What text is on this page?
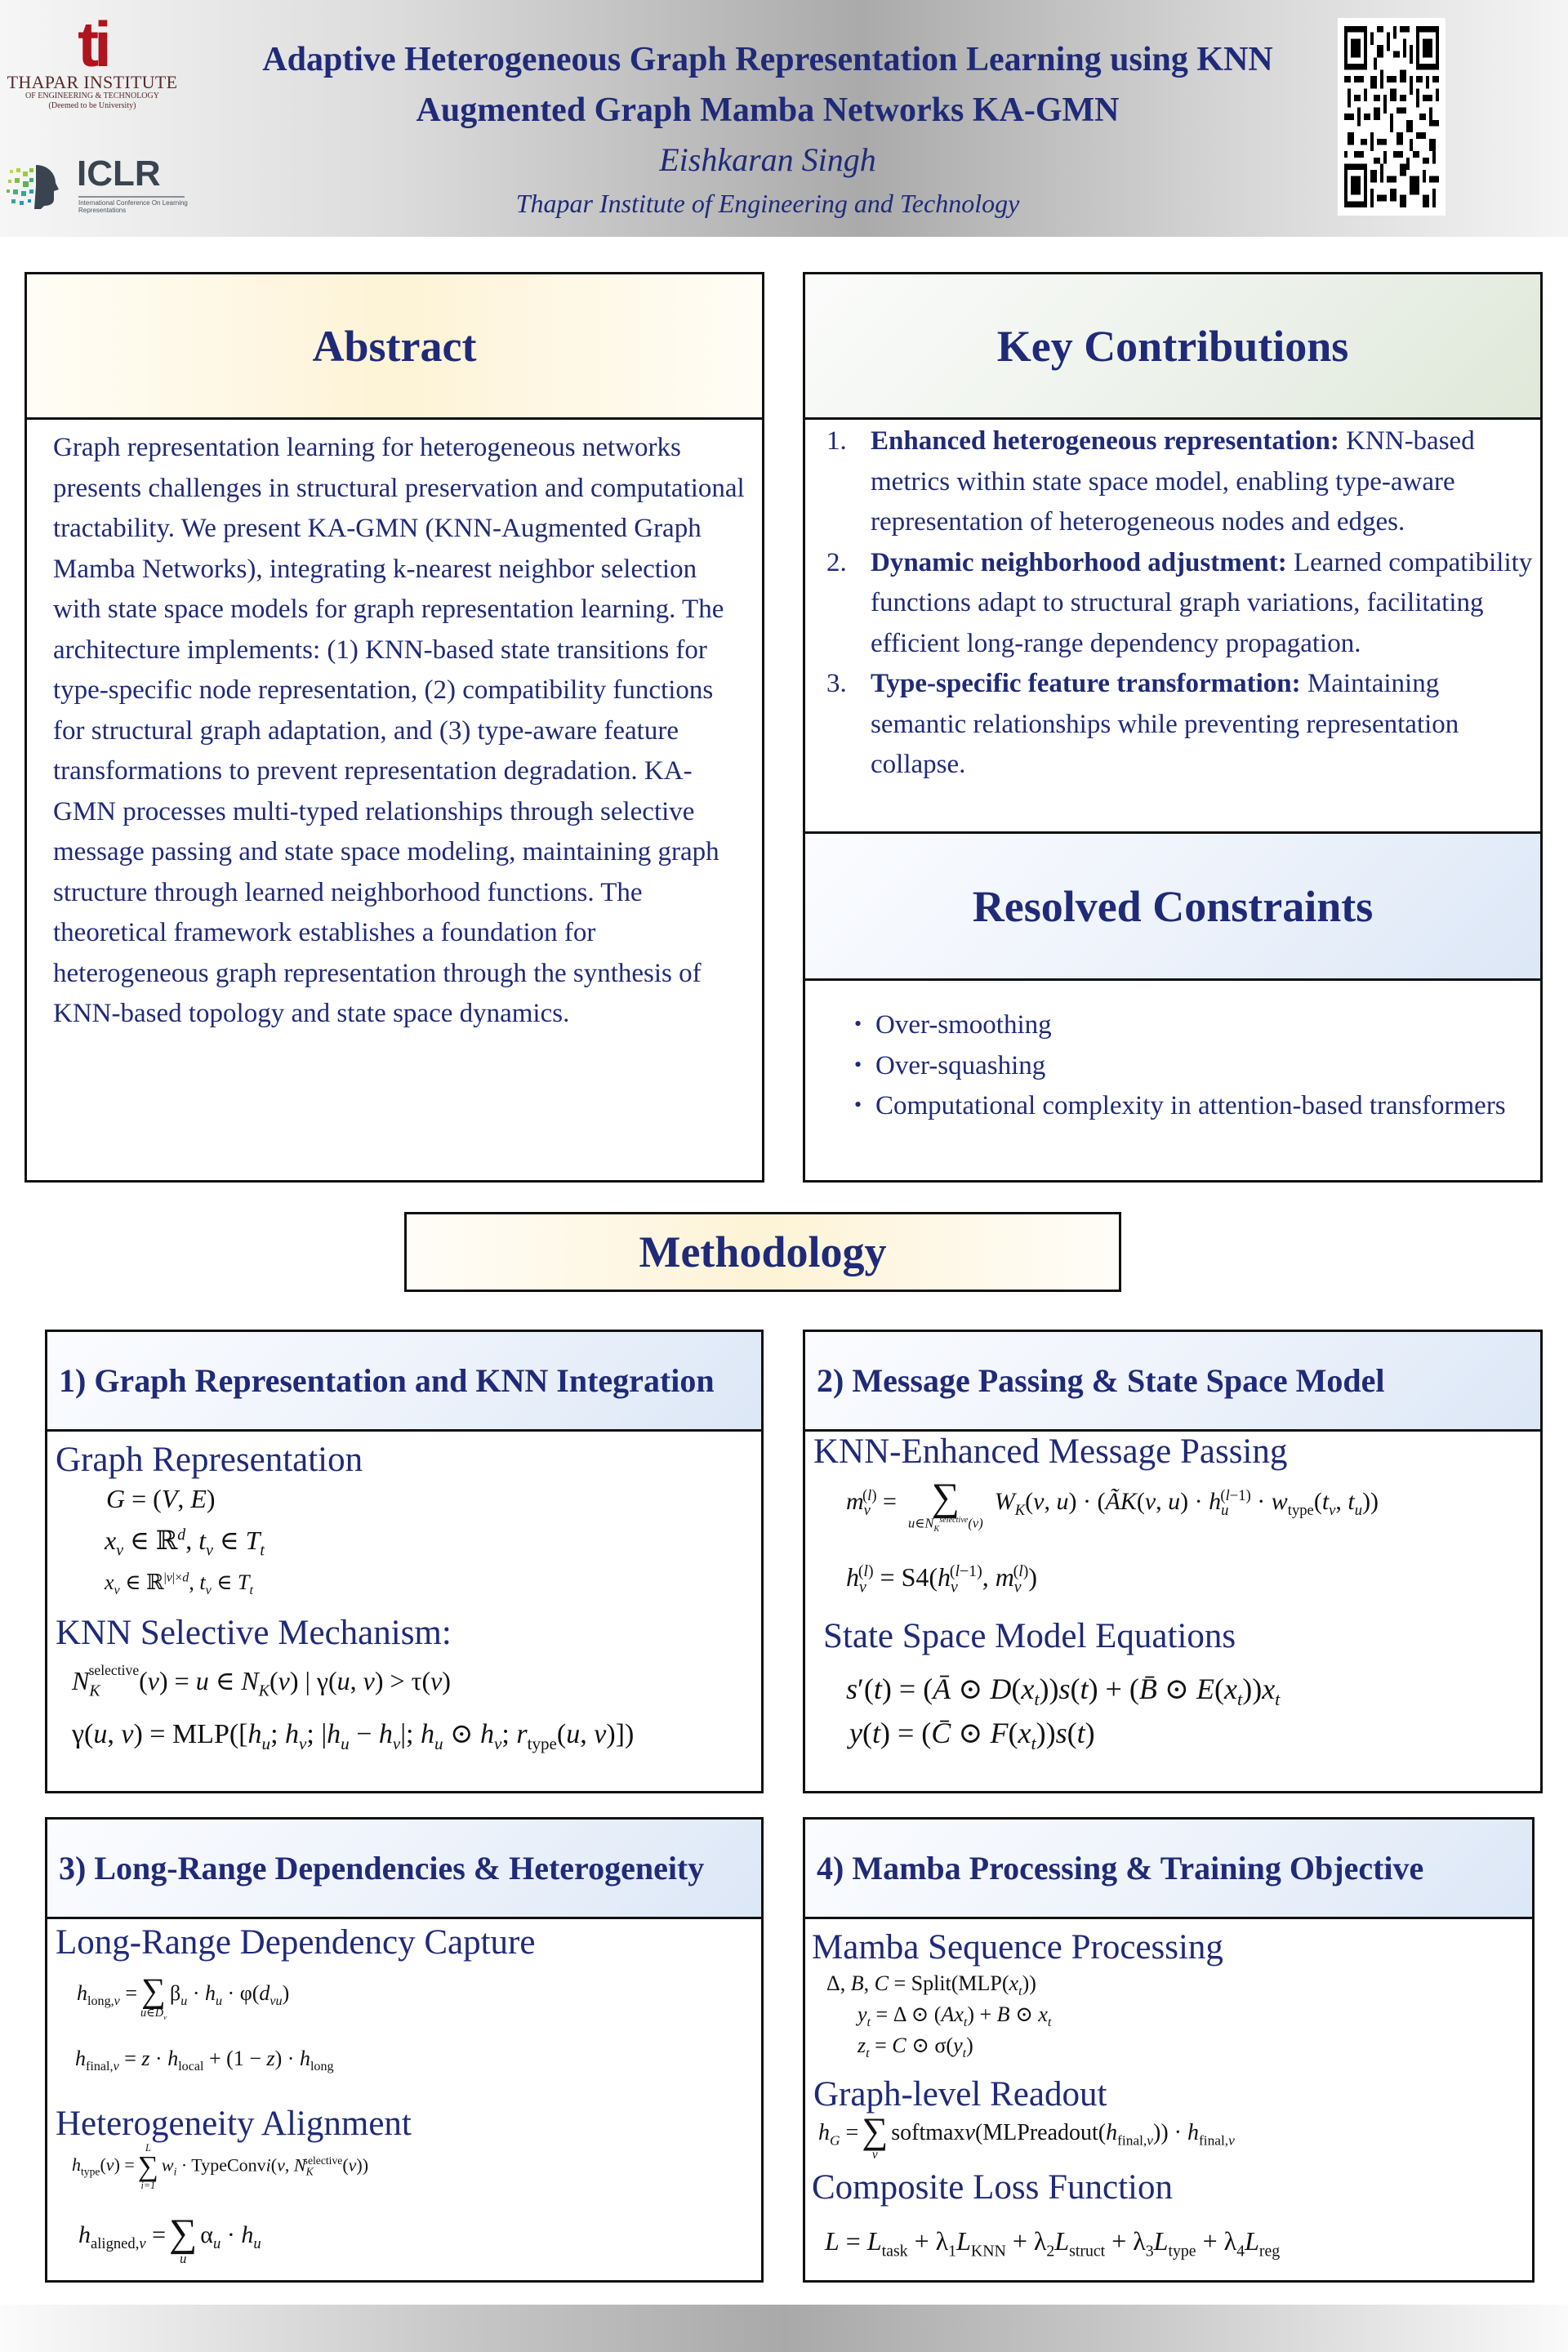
ti
THAPAR INSTITUTE
OF ENGINEERING & TECHNOLOGY
(Deemed to be University)
ICLR
International Conference On Learning Representations
Adaptive Heterogeneous Graph Representation Learning using KNN
Augmented Graph Mamba Networks KA-GMN
Eishkaran Singh
Thapar Institute of Engineering and Technology
Abstract

Graph representation learning for heterogeneous networks presents challenges in structural preservation and computational tractability. We present KA-GMN (KNN-Augmented Graph Mamba Networks), integrating k-nearest neighbor selection with state space models for graph representation learning. The architecture implements: (1) KNN-based state transitions for type-specific node representation, (2) compatibility functions for structural graph adaptation, and (3) type-aware feature transformations to prevent representation degradation. KA-GMN processes multi-typed relationships through selective message passing and state space modeling, maintaining graph structure through learned neighborhood functions. The theoretical framework establishes a foundation for heterogeneous graph representation through the synthesis of KNN-based topology and state space dynamics.

Key Contributions
1. Enhanced heterogeneous representation: KNN-based metrics within state space model, enabling type-aware representation of heterogeneous nodes and edges.
2. Dynamic neighborhood adjustment: Learned compatibility functions adapt to structural graph variations, facilitating efficient long-range dependency propagation.
3. Type-specific feature transformation: Maintaining semantic relationships while preventing representation collapse.
Resolved Constraints
• Over-smoothing
• Over-squashing
• Computational complexity in attention-based transformers
Methodology
1) Graph Representation and KNN Integration
Graph Representation
G = (V, E)
$x_v$ ∈ ℝ$^d$, $t_v$ ∈ $T_t$
$x_v$ ∈ ℝ$^{|v|\times d}$, $t_v$ ∈ $T_t$
KNN Selective Mechanism:
$N_K^{selective}(v) = u$ ∈ $N_K(v)$ | γ(u, v) > τ(v)
γ(u, $v) = MLP([h_u$; $h_v$; $|h_u - h_v|$; $h_u$ ⊙ $h_v$; $r_{type}(u$, v)])
2) Message Passing & State Space Model
KNN-Enhanced Message Passing
$m_v^{(l)}$ = ∑
$u\in N_K^{selective}(v)$
$W_K(v$, u) · (ÃK(v, $u) \cdot h_u^{(l-1)} \cdot w_{type}(t_v$, $t_u$))
$h_v^{(l)} = S4(h_v^{(l-1)}$, $m_v^{(l)}$)
State Space Model Equations
s′(t) = (Ā ⊙ $D(x_t))s(t)$ + (B̄ ⊙ $E(x_t))x_t$
y(t) = (C̄ ⊙ $F(x_t))s(t)$
3) Long-Range Dependencies & Heterogeneity
Long-Range Dependency Capture
$h_{long,v}$ = ∑
$u\in D_v$
$\beta_u \cdot h_u \cdot \varphi(d_{vu})$
$h_{final,v} = z \cdot h_{local} + (1 - z) \cdot h_{long}$
Heterogeneity Alignment
$h_{type}(v)$ =
L
∑
i=1
$w_i$ · TypeConvi(v, $N_K^{selective}(v)$)
$h_{aligned,v}$ = ∑
u
$\alpha_u \cdot h_u$
4) Mamba Processing & Training Objective
Mamba Sequence Processing
Δ, B, $C = Split(MLP(x_t))$
$y_t = \Delta$ ⊙ $(Ax_t) + B$ ⊙ $x_t$
$z_t = C$ ⊙ $\sigma(y_t)$
Graph-level Readout
$h_G$ = ∑
v
$softmaxv(MLPreadout(h_{final,v})) \cdot h_{final,v}$
Composite Loss Function
$L = L_{task} + \lambda_1L_{KNN} + \lambda_2L_{struct} + \lambda_3L_{type} + \lambda_4L_{reg}$
